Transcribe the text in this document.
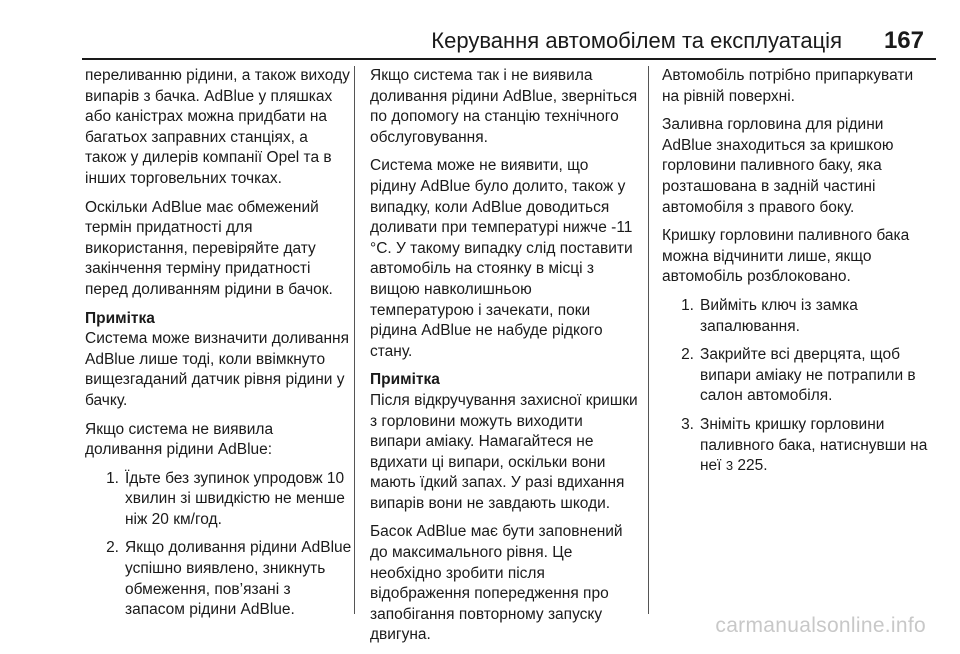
Керування автомобілем та експлуатація 167

переливанню рідини, а також виходу випарів з бачка. AdBlue у пляшках або каністрах можна придбати на багатьох заправних станціях, а також у дилерів компанії Opel та в інших торговельних точках.

Оскільки AdBlue має обмежений термін придатності для використання, перевіряйте дату закінчення терміну придатності перед доливанням рідини в бачок.

Примітка
Система може визначити доливання AdBlue лише тоді, коли ввімкнуто вищезгаданий датчик рівня рідини у бачку.

Якщо система не виявила доливання рідини AdBlue:

1. Їдьте без зупинок упродовж 10 хвилин зі швидкістю не менше ніж 20 км/год.
2. Якщо доливання рідини AdBlue успішно виявлено, зникнуть обмеження, пов’язані з запасом рідини AdBlue.

Якщо система так і не виявила доливання рідини AdBlue, зверніться по допомогу на станцію технічного обслуговування.

Система може не виявити, що рідину AdBlue було долито, також у випадку, коли AdBlue доводиться доливати при температурі нижче -11 °C. У такому випадку слід поставити автомобіль на стоянку в місці з вищою навколишньою температурою і зачекати, поки рідина AdBlue не набуде рідкого стану.

Примітка
Після відкручування захисної кришки з горловини можуть виходити випари аміаку. Намагайтеся не вдихати ці випари, оскільки вони мають їдкий запах. У разі вдихання випарів вони не завдають шкоди.

Басок AdBlue має бути заповнений до максимального рівня. Це необхідно зробити після відображення попередження про запобігання повторному запуску двигуна.

Автомобіль потрібно припаркувати на рівній поверхні.

Заливна горловина для рідини AdBlue знаходиться за кришкою горловини паливного баку, яка розташована в задній частині автомобіля з правого боку.

Кришку горловини паливного бака можна відчинити лише, якщо автомобіль розблоковано.

1. Вийміть ключ із замка запалювання.
2. Закрийте всі дверцята, щоб випари аміаку не потрапили в салон автомобіля.
3. Зніміть кришку горловини паливного бака, натиснувши на неї 3 225.
carmanualsonline.info
